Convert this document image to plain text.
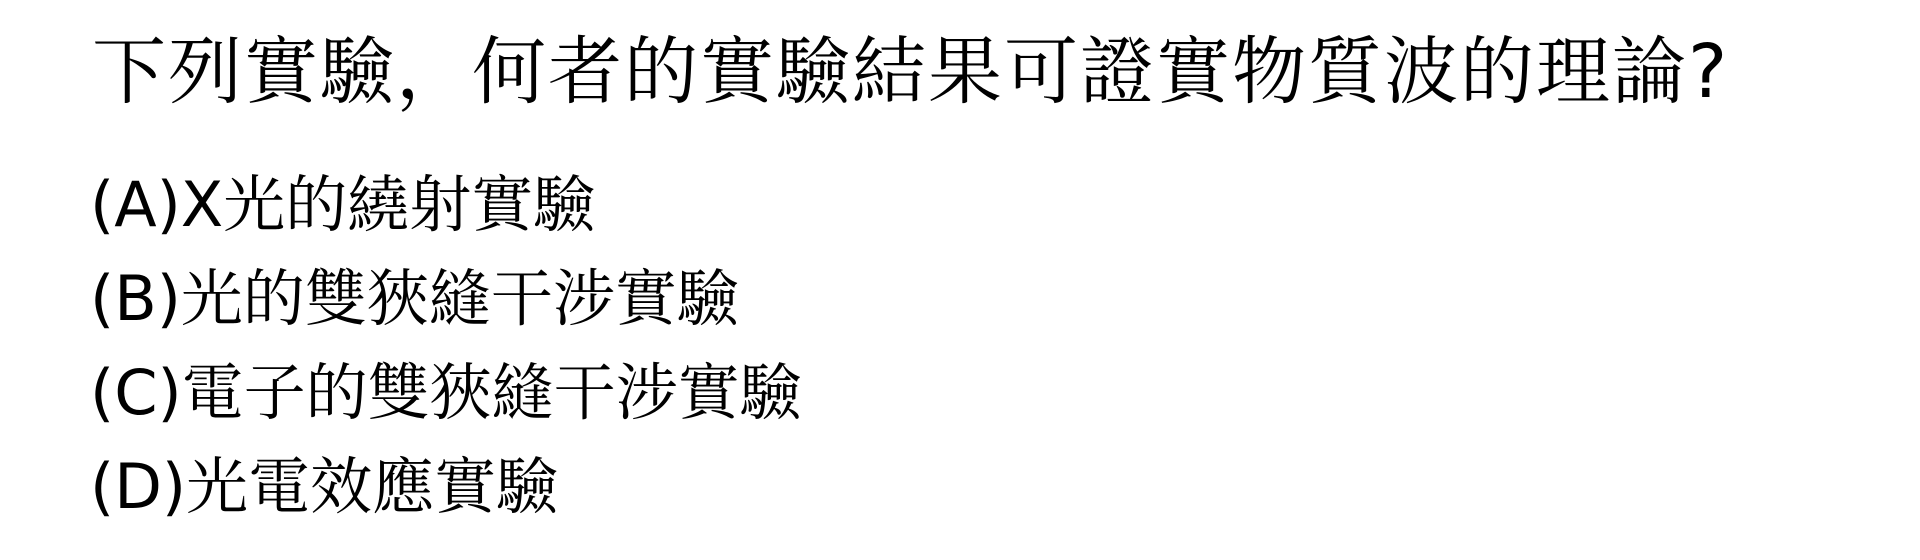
下列實驗，何者的實驗結果可證實物質波的理論?
(A)X光的繞射實驗
(B)光的雙狹縫干涉實驗
(C)電子的雙狹縫干涉實驗
(D)光電效應實驗
